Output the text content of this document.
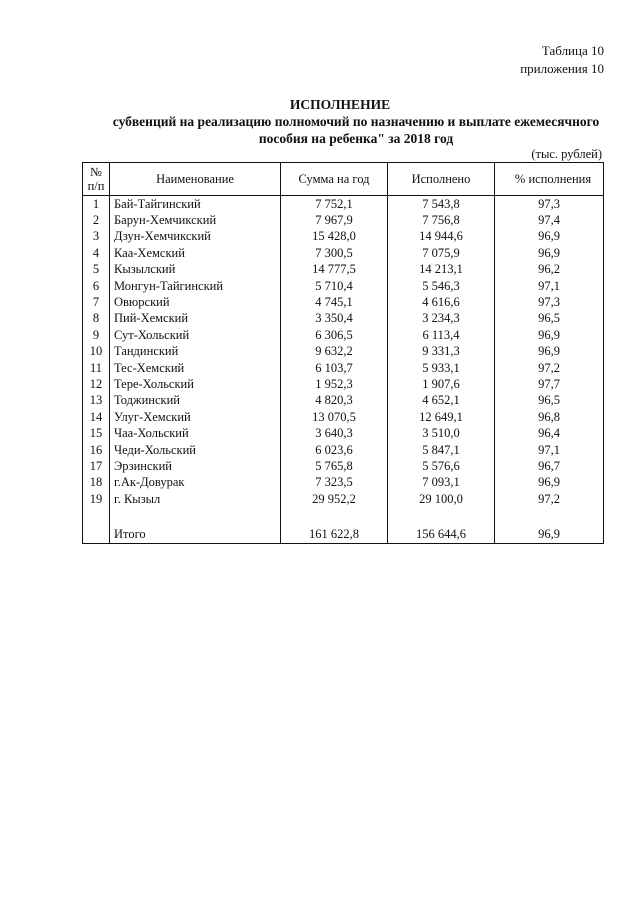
Таблица 10
приложения 10
ИСПОЛНЕНИЕ
субвенций на реализацию полномочий по назначению и выплате ежемесячного
пособия на ребенка" за 2018 год
(тыс. рублей)
№
п/п	Наименование	Сумма на год	Исполнено	% исполнения
1	Бай-Тайгинский	7 752,1	7 543,8	97,3
2	Барун-Хемчикский	7 967,9	7 756,8	97,4
3	Дзун-Хемчикский	15 428,0	14 944,6	96,9
4	Каа-Хемский	7 300,5	7 075,9	96,9
5	Кызылский	14 777,5	14 213,1	96,2
6	Монгун-Тайгинский	5 710,4	5 546,3	97,1
7	Овюрский	4 745,1	4 616,6	97,3
8	Пий-Хемский	3 350,4	3 234,3	96,5
9	Сут-Хольский	6 306,5	6 113,4	96,9
10	Тандинский	9 632,2	9 331,3	96,9
11	Тес-Хемский	6 103,7	5 933,1	97,2
12	Тере-Хольский	1 952,3	1 907,6	97,7
13	Тоджинский	4 820,3	4 652,1	96,5
14	Улуг-Хемский	13 070,5	12 649,1	96,8
15	Чаа-Хольский	3 640,3	3 510,0	96,4
16	Чеди-Хольский	6 023,6	5 847,1	97,1
17	Эрзинский	5 765,8	5 576,6	96,7
18	г.Ак-Довурак	7 323,5	7 093,1	96,9
19	г. Кызыл	29 952,2	29 100,0	97,2

	Итого	161 622,8	156 644,6	96,9
